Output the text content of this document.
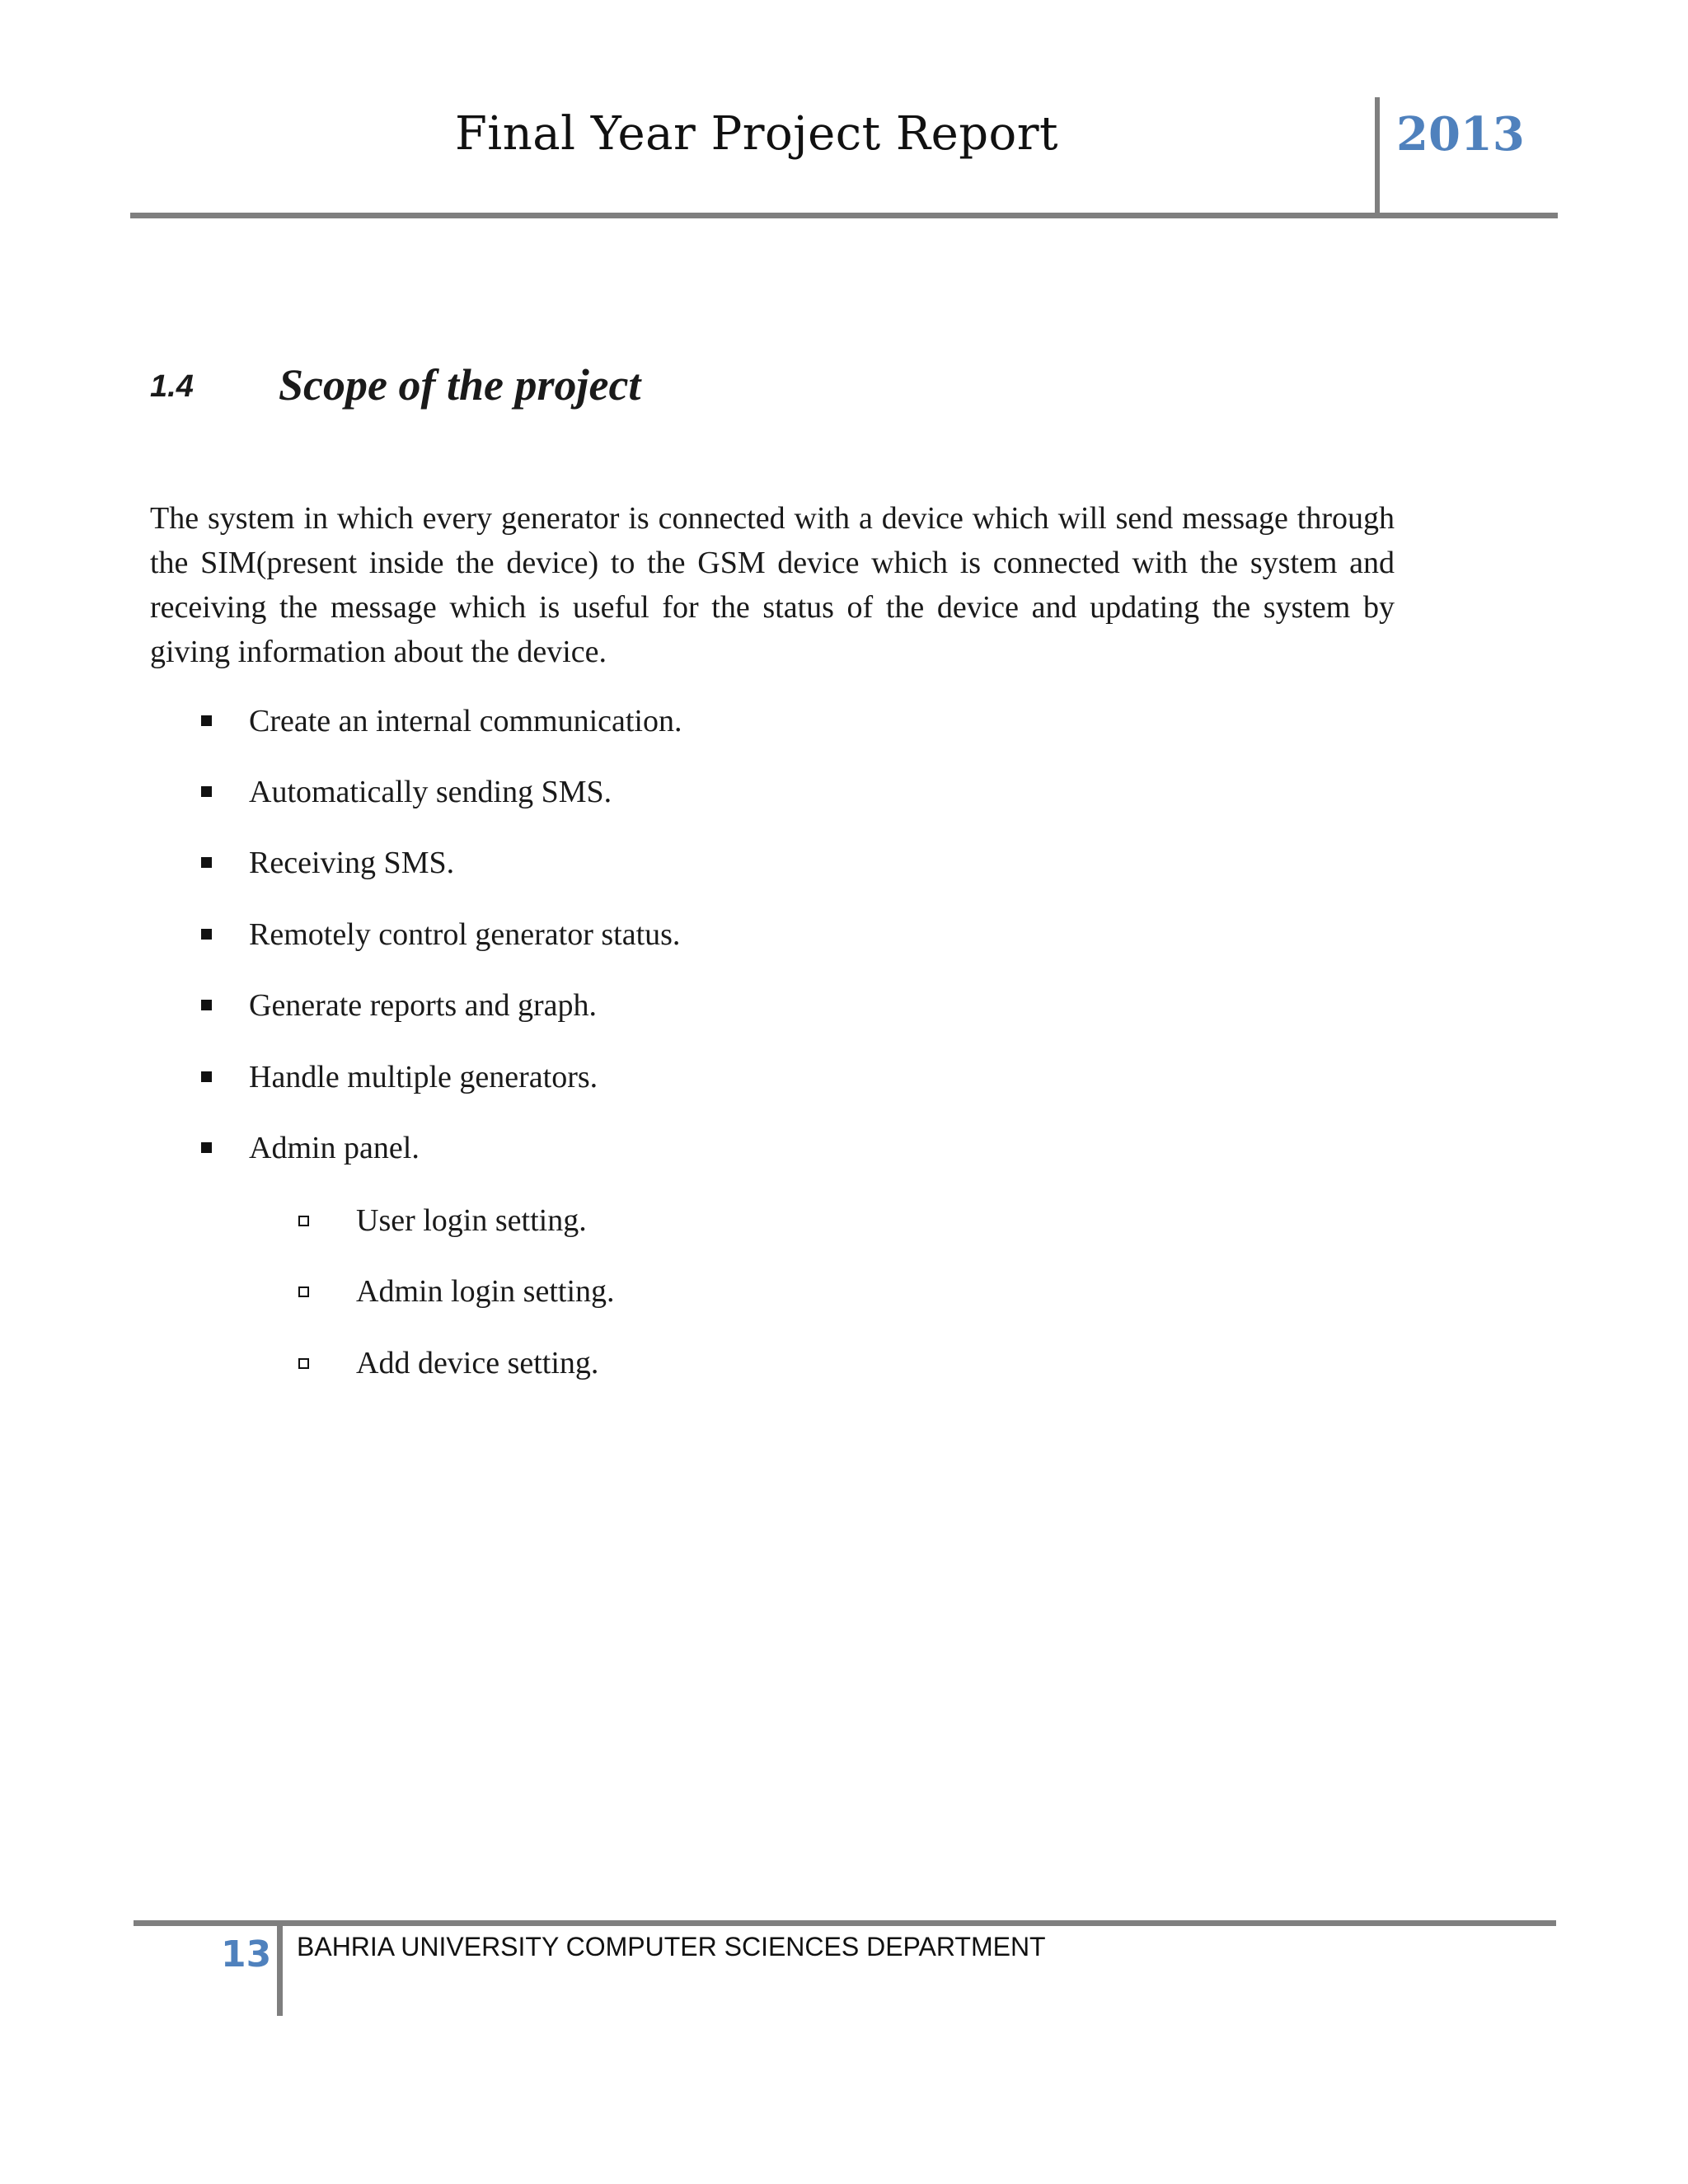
Final Year Project Report	2013
1.4 Scope of the project
The system in which every generator is connected with a device which will send message through the SIM(present inside the device) to the GSM device which is connected with the system and receiving the message which is useful for the status of the device and updating the system by giving information about the device.
Create an internal communication.
Automatically sending SMS.
Receiving SMS.
Remotely control generator status.
Generate reports and graph.
Handle multiple generators.
Admin panel.
User login setting.
Admin login setting.
Add device setting.
13 BAHRIA UNIVERSITY COMPUTER SCIENCES DEPARTMENT
